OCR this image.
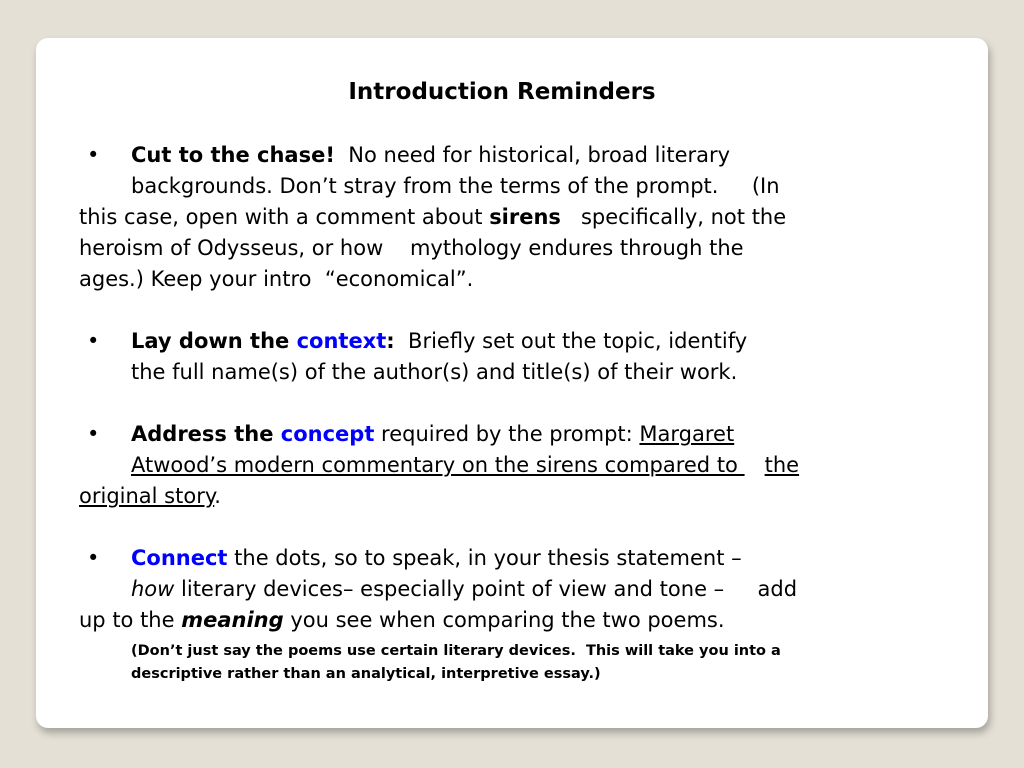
Introduction Reminders
•	Cut to the chase!  No need for historical, broad literary
backgrounds. Don’t stray from the terms of the prompt.     (In
this case, open with a comment about sirens   specifically, not the
heroism of Odysseus, or how    mythology endures through the
ages.) Keep your intro  “economical”.
•	Lay down the context:  Briefly set out the topic, identify
the full name(s) of the author(s) and title(s) of their work.
•	Address the concept required by the prompt: Margaret
Atwood’s modern commentary on the sirens compared to    the
original story.
•	Connect the dots, so to speak, in your thesis statement –
how literary devices– especially point of view and tone –     add
up to the meaning you see when comparing the two poems.
(Don’t just say the poems use certain literary devices.  This will take you into a
descriptive rather than an analytical, interpretive essay.)
